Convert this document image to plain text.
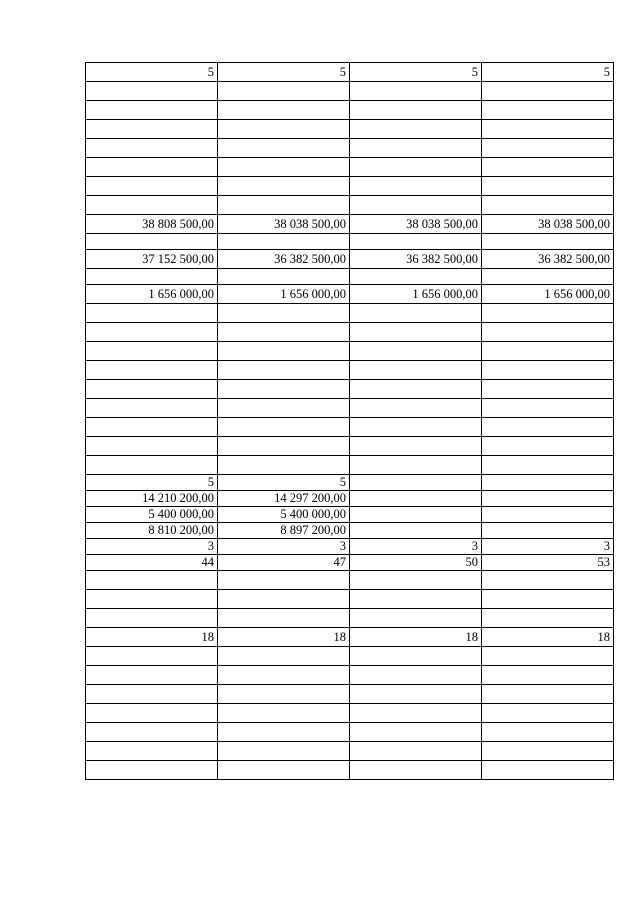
5	5	5	5

38 808 500,00	38 038 500,00	38 038 500,00	38 038 500,00

37 152 500,00	36 382 500,00	36 382 500,00	36 382 500,00

1 656 000,00	1 656 000,00	1 656 000,00	1 656 000,00

5	5		
14 210 200,00	14 297 200,00		
5 400 000,00	5 400 000,00		
8 810 200,00	8 897 200,00		
3	3	3	3
44	47	50	53

18	18	18	18
